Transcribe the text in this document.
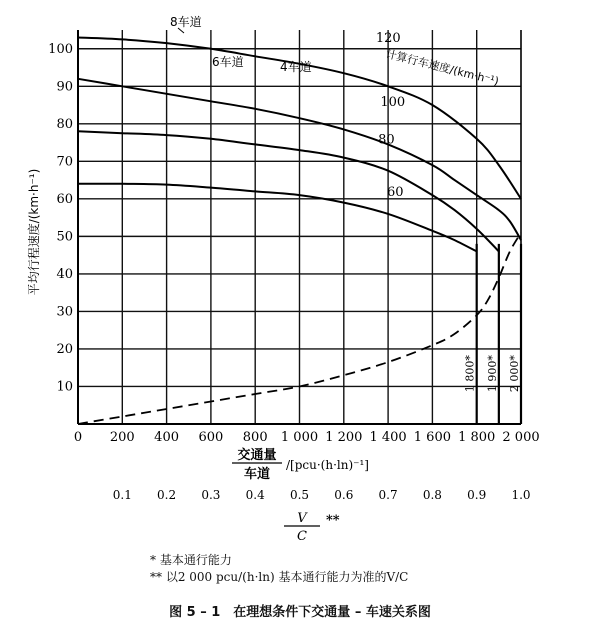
1 800* 1 900* 2 000*
10
20
30
40
50
60
70
80
90
100
0 200 400 600 800 1 000 1 200 1 400 1 600 1 800 2 000
0.1 0.2 0.3 0.4 0.5 0.6 0.7 0.8 0.9 1.0
120
100
80
60
计算行车速度/(km·h⁻¹)
8车道
6车道	4车道
平均行程速度/(km·h⁻¹)
交通量
车道
/[pcu·(h·ln)⁻¹]
V
C
**
* 基本通行能力
** 以2 000 pcu/(h·ln) 基本通行能力为准的V/C
图 5 – 1　在理想条件下交通量 – 车速关系图
